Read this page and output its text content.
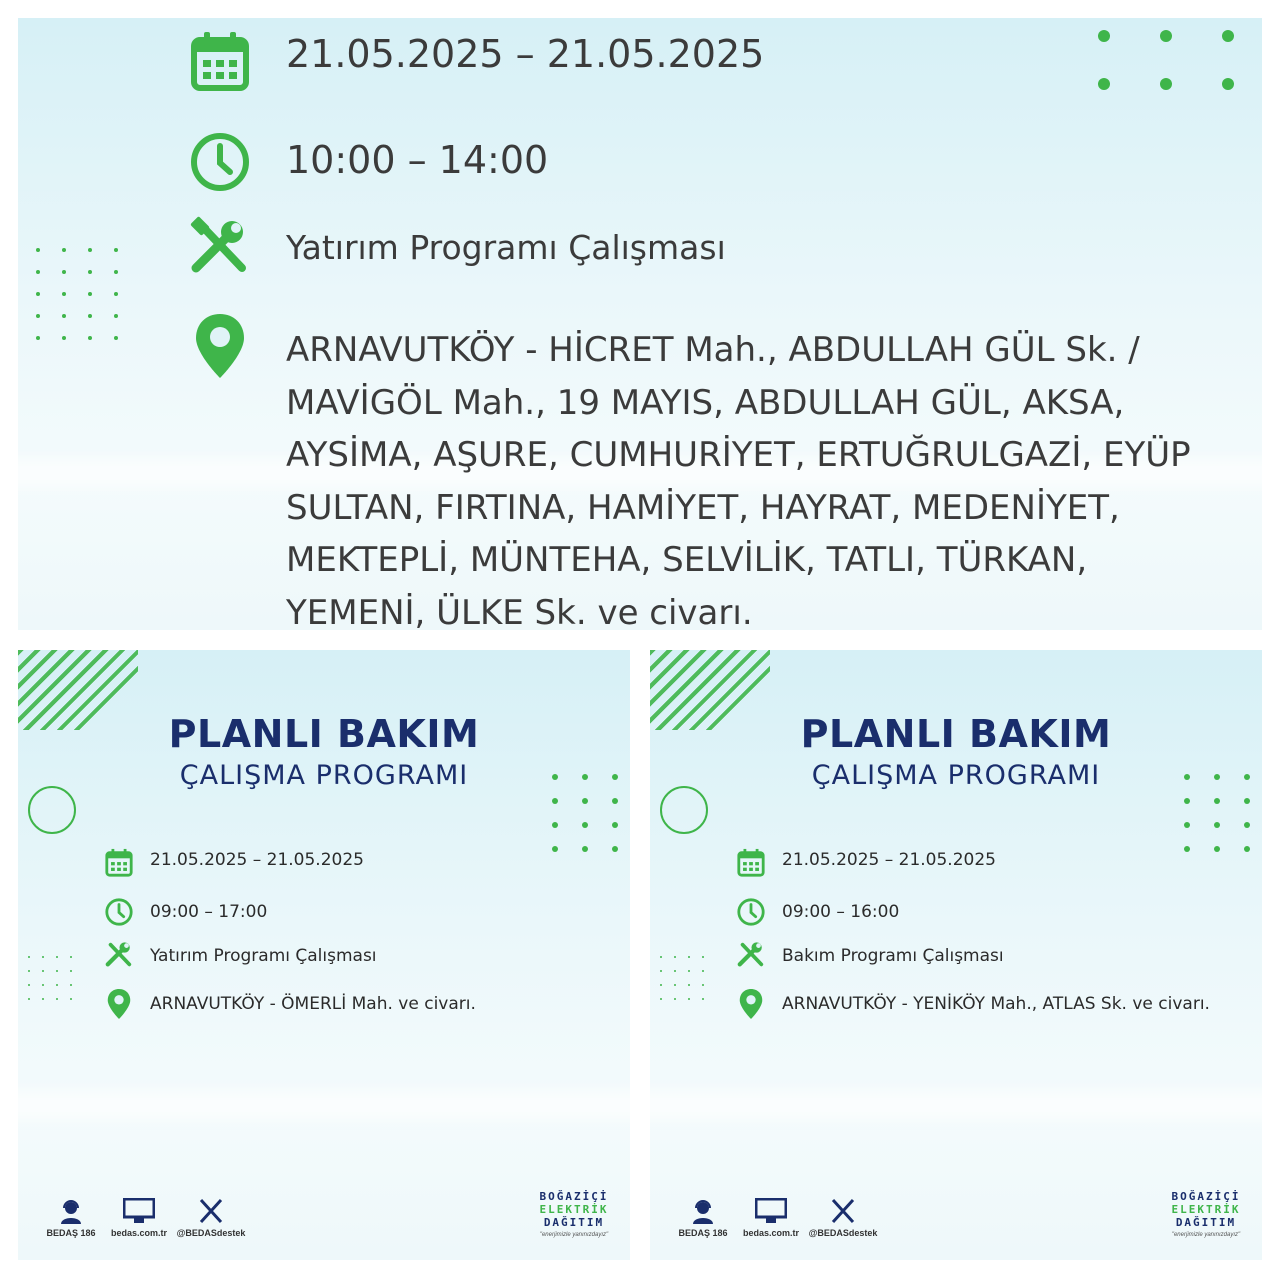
21.05.2025 – 21.05.2025
10:00 – 14:00
Yatırım Programı Çalışması
ARNAVUTKÖY - HİCRET Mah., ABDULLAH GÜL Sk. /
MAVİGÖL Mah., 19 MAYIS, ABDULLAH GÜL, AKSA,
AYSİMA, AŞURE, CUMHURİYET, ERTUĞRULGAZİ, EYÜP
SULTAN, FIRTINA, HAMİYET, HAYRAT, MEDENİYET,
MEKTEPLİ, MÜNTEHA, SELVİLİK, TATLI, TÜRKAN,
YEMENİ, ÜLKE Sk. ve civarı.
PLANLI BAKIM
ÇALIŞMA PROGRAMI
21.05.2025 – 21.05.2025
09:00 – 17:00
Yatırım Programı Çalışması
ARNAVUTKÖY - ÖMERLİ Mah. ve civarı.
BEDAŞ 186	bedas.com.tr	@BEDASdestek
BOĞAZİÇİ
ELEKTRİK
DAĞITIM
"enerjimizle yanınızdayız"
PLANLI BAKIM
ÇALIŞMA PROGRAMI
21.05.2025 – 21.05.2025
09:00 – 16:00
Bakım Programı Çalışması
ARNAVUTKÖY - YENİKÖY Mah., ATLAS Sk. ve civarı.
BEDAŞ 186	bedas.com.tr	@BEDASdestek
BOĞAZİÇİ
ELEKTRİK
DAĞITIM
"enerjimizle yanınızdayız"
